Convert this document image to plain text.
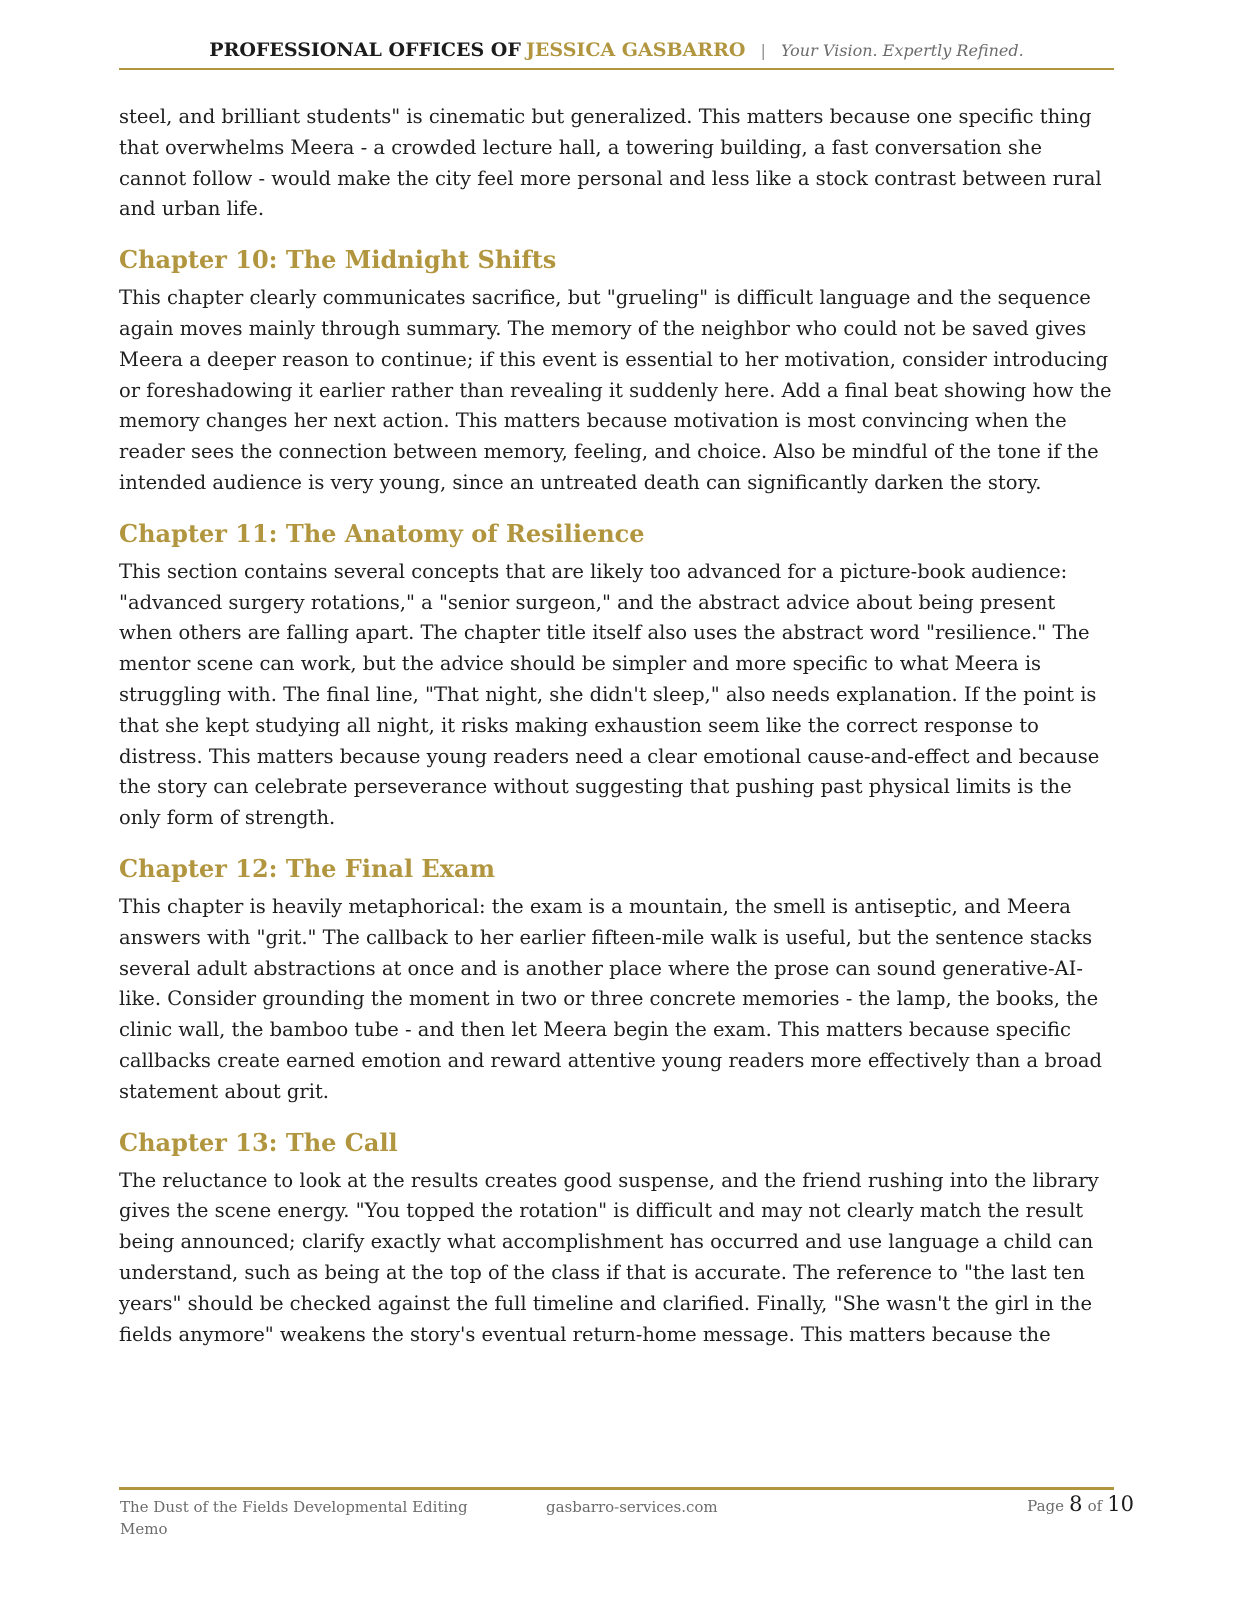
PROFESSIONAL OFFICES OF JESSICA GASBARRO | Your Vision. Expertly Refined.

steel, and brilliant students" is cinematic but generalized. This matters because one specific thing that overwhelms Meera - a crowded lecture hall, a towering building, a fast conversation she cannot follow - would make the city feel more personal and less like a stock contrast between rural and urban life.

Chapter 10: The Midnight Shifts

This chapter clearly communicates sacrifice, but "grueling" is difficult language and the sequence again moves mainly through summary. The memory of the neighbor who could not be saved gives Meera a deeper reason to continue; if this event is essential to her motivation, consider introducing or foreshadowing it earlier rather than revealing it suddenly here. Add a final beat showing how the memory changes her next action. This matters because motivation is most convincing when the reader sees the connection between memory, feeling, and choice. Also be mindful of the tone if the intended audience is very young, since an untreated death can significantly darken the story.

Chapter 11: The Anatomy of Resilience

This section contains several concepts that are likely too advanced for a picture-book audience: "advanced surgery rotations," a "senior surgeon," and the abstract advice about being present when others are falling apart. The chapter title itself also uses the abstract word "resilience." The mentor scene can work, but the advice should be simpler and more specific to what Meera is struggling with. The final line, "That night, she didn't sleep," also needs explanation. If the point is that she kept studying all night, it risks making exhaustion seem like the correct response to distress. This matters because young readers need a clear emotional cause-and-effect and because the story can celebrate perseverance without suggesting that pushing past physical limits is the only form of strength.

Chapter 12: The Final Exam

This chapter is heavily metaphorical: the exam is a mountain, the smell is antiseptic, and Meera answers with "grit." The callback to her earlier fifteen-mile walk is useful, but the sentence stacks several adult abstractions at once and is another place where the prose can sound generative-AI-like. Consider grounding the moment in two or three concrete memories - the lamp, the books, the clinic wall, the bamboo tube - and then let Meera begin the exam. This matters because specific callbacks create earned emotion and reward attentive young readers more effectively than a broad statement about grit.

Chapter 13: The Call

The reluctance to look at the results creates good suspense, and the friend rushing into the library gives the scene energy. "You topped the rotation" is difficult and may not clearly match the result being announced; clarify exactly what accomplishment has occurred and use language a child can understand, such as being at the top of the class if that is accurate. The reference to "the last ten years" should be checked against the full timeline and clarified. Finally, "She wasn't the girl in the fields anymore" weakens the story's eventual return-home message. This matters because the

The Dust of the Fields Developmental Editing Memo
gasbarro-services.com	Page 8 of 10
